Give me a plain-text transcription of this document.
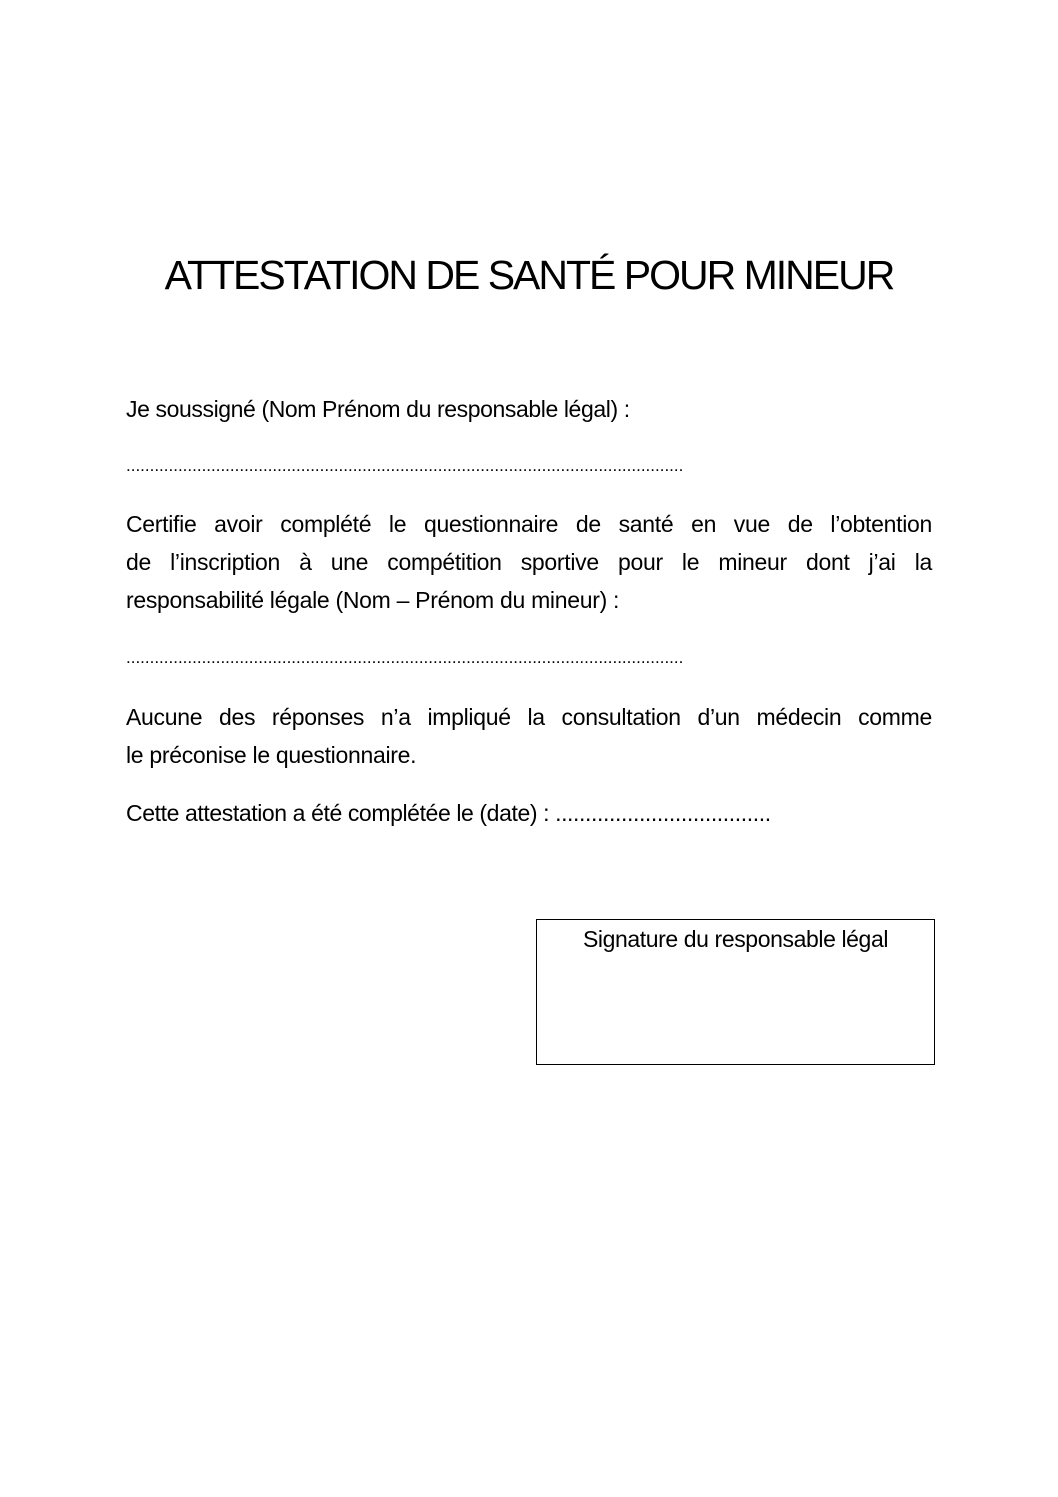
ATTESTATION DE SANTÉ POUR MINEUR
Je soussigné (Nom Prénom du responsable légal) :
......................................................................................................................
Certifie avoir complété le questionnaire de santé en vue de l’obtention
de l’inscription à une compétition sportive pour le mineur dont j’ai la
responsabilité légale (Nom – Prénom du mineur) :
......................................................................................................................
Aucune des réponses n’a impliqué la consultation d’un médecin comme
le préconise le questionnaire.
Cette attestation a été complétée le (date) : ....................................
Signature du responsable légal
